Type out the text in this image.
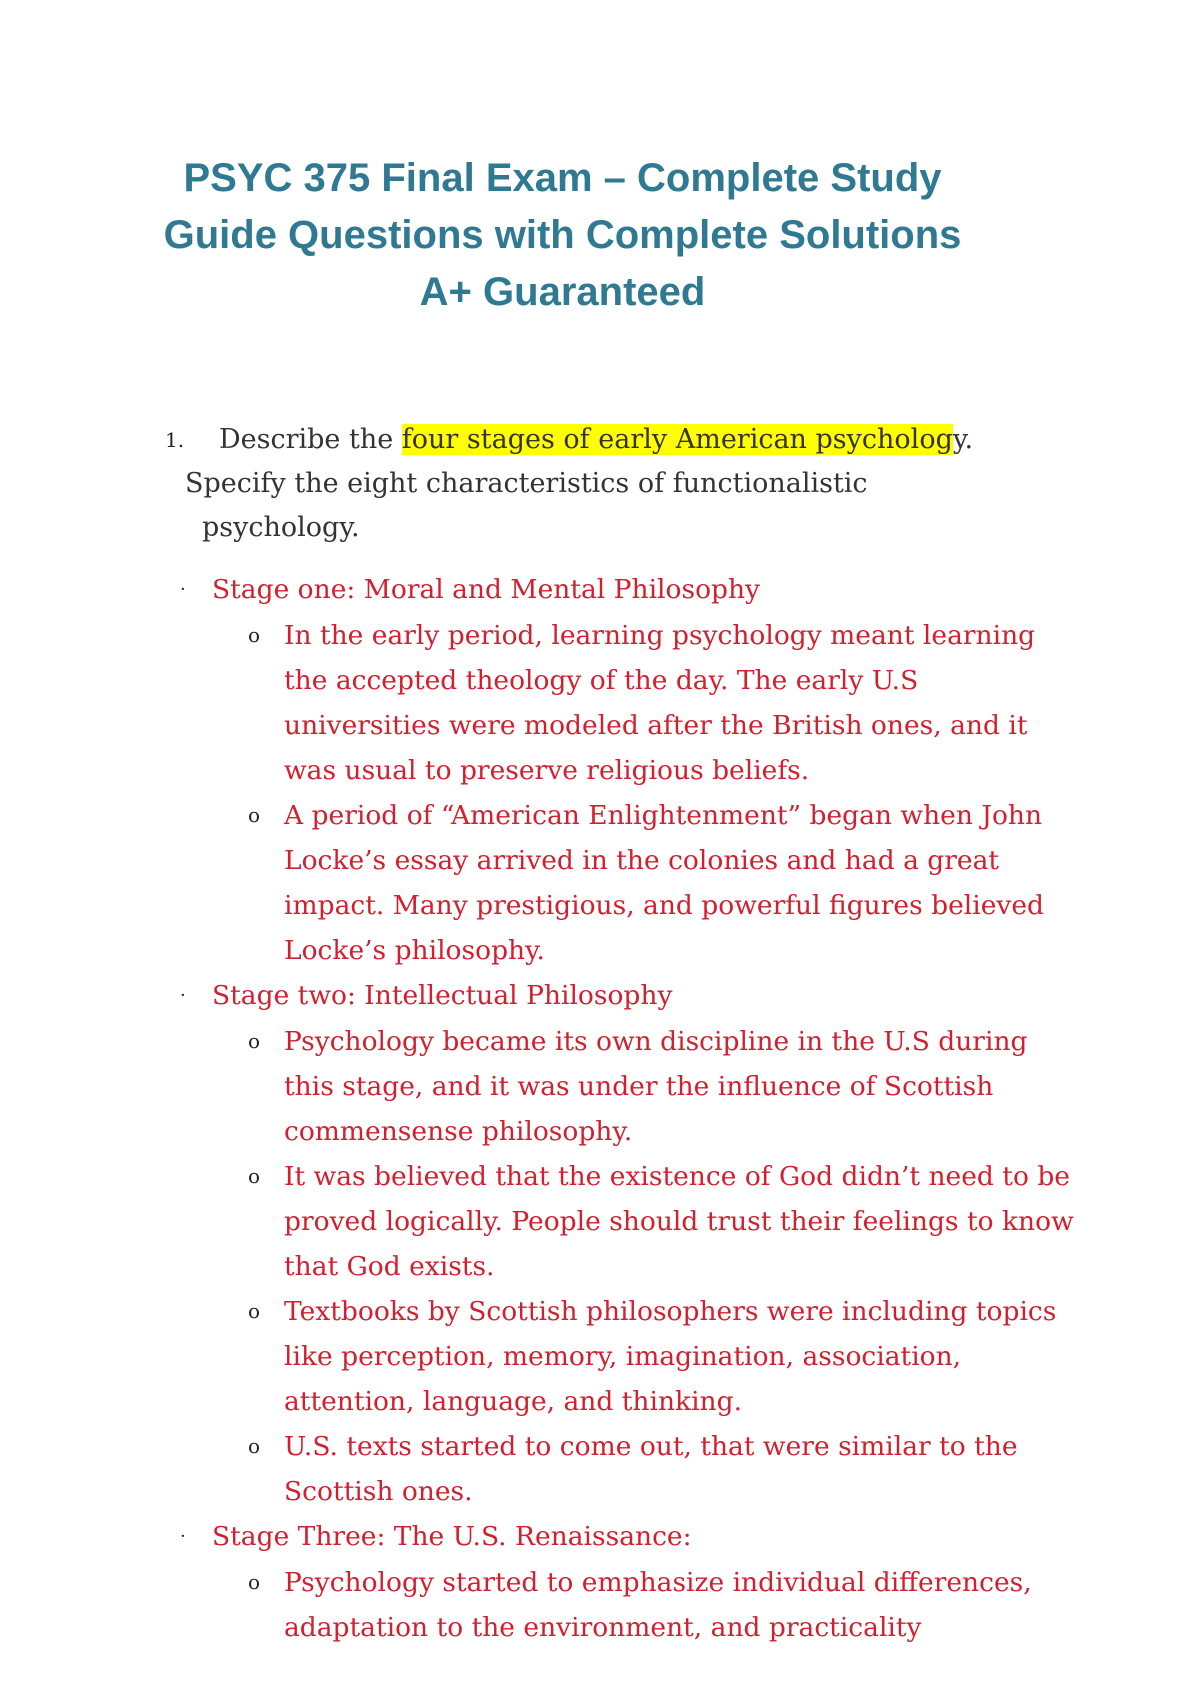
PSYC 375 Final Exam – Complete Study
Guide Questions with Complete Solutions
A+ Guaranteed
1.	Describe the four stages of early American psychology. Specify the eight characteristics of functionalistic psychology.

· Stage one: Moral and Mental Philosophy
o In the early period, learning psychology meant learning the accepted theology of the day. The early U.S universities were modeled after the British ones, and it was usual to preserve religious beliefs.
o A period of “American Enlightenment” began when John Locke’s essay arrived in the colonies and had a great impact. Many prestigious, and powerful figures believed Locke’s philosophy.
· Stage two: Intellectual Philosophy
o Psychology became its own discipline in the U.S during this stage, and it was under the influence of Scottish commensense philosophy.
o It was believed that the existence of God didn’t need to be proved logically. People should trust their feelings to know that God exists.
o Textbooks by Scottish philosophers were including topics like perception, memory, imagination, association, attention, language, and thinking.
o U.S. texts started to come out, that were similar to the Scottish ones.
· Stage Three: The U.S. Renaissance:
o Psychology started to emphasize individual differences, adaptation to the environment, and practicality
